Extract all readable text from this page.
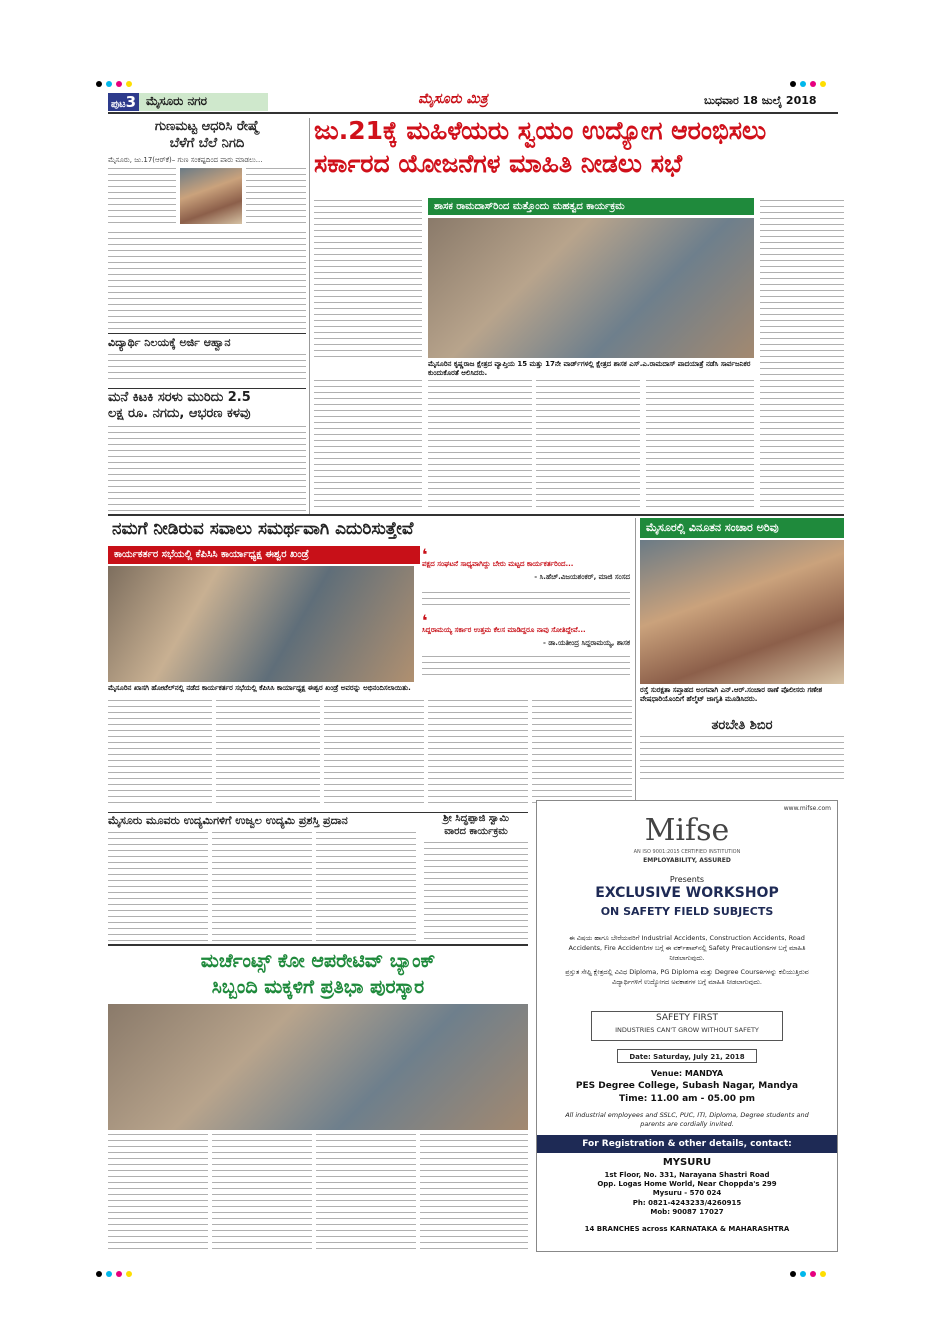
ಪುಟ3 ಮೈಸೂರು ನಗರ	ಮೈಸೂರು ಮಿತ್ರ	ಬುಧವಾರ 18 ಜುಲೈ 2018
ಗುಣಮಟ್ಟ ಆಧರಿಸಿ ರೇಷ್ಮೆ
ಬೆಳೆಗೆ ಬೆಲೆ ನಿಗದಿ
ಮೈಸೂರು, ಜು.17(ಆರ್‌ಕೆ)– ಗುಣ ಸಂಕಷ್ಟದಿಂದ ಪಾರು ಮಾಡಲು...
ವಿದ್ಯಾರ್ಥಿ ನಿಲಯಕ್ಕೆ ಅರ್ಜಿ ಆಹ್ವಾನ
ಮನೆ ಕಿಟಕಿ ಸರಳು ಮುರಿದು 2.5
ಲಕ್ಷ ರೂ. ನಗದು, ಆಭರಣ ಕಳವು
ಜು.21ಕ್ಕೆ ಮಹಿಳೆಯರು ಸ್ವಯಂ ಉದ್ಯೋಗ ಆರಂಭಿಸಲು
ಸರ್ಕಾರದ ಯೋಜನೆಗಳ ಮಾಹಿತಿ ನೀಡಲು ಸಭೆ
ಶಾಸಕ ರಾಮದಾಸ್‌ರಿಂದ ಮತ್ತೊಂದು ಮಹತ್ವದ ಕಾರ್ಯಕ್ರಮ
ಮೈಸೂರಿನ ಕೃಷ್ಣರಾಜ ಕ್ಷೇತ್ರದ ವ್ಯಾಪ್ತಿಯ 15 ಮತ್ತು 17ನೇ ವಾರ್ಡ್‌ಗಳಲ್ಲಿ ಕ್ಷೇತ್ರದ ಶಾಸಕ ಎಸ್.ಎ.ರಾಮದಾಸ್ ಪಾದಯಾತ್ರೆ ನಡೆಸಿ ಸಾರ್ವಜನಿಕರ ಕುಂದುಕೊರತೆ ಆಲಿಸಿದರು.
ನಮಗೆ ನೀಡಿರುವ ಸವಾಲು ಸಮರ್ಥವಾಗಿ ಎದುರಿಸುತ್ತೇವೆ
ಕಾರ್ಯಕರ್ತರ ಸಭೆಯಲ್ಲಿ ಕೆಪಿಸಿಸಿ ಕಾರ್ಯಾಧ್ಯಕ್ಷ ಈಶ್ವರ ಖಂಡ್ರೆ
ಮೈಸೂರಿನ ಖಾಸಗಿ ಹೋಟೆಲ್‌ನಲ್ಲಿ ನಡೆದ ಕಾರ್ಯಕರ್ತರ ಸಭೆಯಲ್ಲಿ ಕೆಪಿಸಿಸಿ ಕಾರ್ಯಾಧ್ಯಕ್ಷ ಈಶ್ವರ ಖಂಡ್ರೆ ಅವರನ್ನು ಅಭಿನಂದಿಸಲಾಯಿತು.
❛
ಪಕ್ಷದ ಸಂಘಟನೆ ಸಾಧ್ಯವಾಗಿದ್ದು ಬೇರು ಮಟ್ಟದ ಕಾರ್ಯಕರ್ತರಿಂದ...
- ಸಿ.ಹೆಚ್.ವಿಜಯಶಂಕರ್, ಮಾಜಿ ಸಂಸದ
❛
ಸಿದ್ದರಾಮಯ್ಯ ಸರ್ಕಾರ ಉತ್ತಮ ಕೆಲಸ ಮಾಡಿದ್ದರೂ ನಾವು ಸೋತಿದ್ದೇವೆ...
- ಡಾ.ಯತೀಂದ್ರ ಸಿದ್ದರಾಮಯ್ಯ, ಶಾಸಕ
ಮೈಸೂರಲ್ಲಿ ವಿನೂತನ ಸಂಚಾರ ಅರಿವು
ರಸ್ತೆ ಸುರಕ್ಷತಾ ಸಪ್ತಾಹದ ಅಂಗವಾಗಿ ಎನ್.ಆರ್.ಸಂಚಾರ ಠಾಣೆ ಪೊಲೀಸರು ಗಣೇಶ ವೇಷಧಾರಿಯೊಂದಿಗೆ ಹೆಲ್ಮೆಟ್ ಜಾಗೃತಿ ಮೂಡಿಸಿದರು.
ತರಬೇತಿ ಶಿಬಿರ
ಮೈಸೂರು ಮೂವರು ಉದ್ಯಮಿಗಳಿಗೆ ಉಜ್ವಲ ಉದ್ಯಮಿ ಪ್ರಶಸ್ತಿ ಪ್ರದಾನ	ಶ್ರೀ ಸಿದ್ಧಪ್ಪಾಜಿ ಸ್ವಾಮಿ
ವಾರದ ಕಾರ್ಯಕ್ರಮ
ಮರ್ಚೆಂಟ್ಸ್ ಕೋ ಆಪರೇಟಿವ್ ಬ್ಯಾಂಕ್
ಸಿಬ್ಬಂದಿ ಮಕ್ಕಳಿಗೆ ಪ್ರತಿಭಾ ಪುರಸ್ಕಾರ
www.mifse.com
Mifse
AN ISO 9001:2015 CERTIFIED INSTITUTION
EMPLOYABILITY, ASSURED
Presents
EXCLUSIVE WORKSHOP
ON SAFETY FIELD SUBJECTS
ಈ ವಿಷಯ ಹಾಗೂ ಬೇರೆಯವರಿಗೆ Industrial Accidents, Construction Accidents, Road Accidents, Fire Accidentಗಳ ಬಗ್ಗೆ ಈ ವರ್ಕ್‌ಶಾಪ್‌ನಲ್ಲಿ Safety Precautionsಗಳ ಬಗ್ಗೆ ಮಾಹಿತಿ ನೀಡಲಾಗುವುದು.
ಪ್ರಸ್ತುತ ಸೇಫ್ಟಿ ಕ್ಷೇತ್ರದಲ್ಲಿ ವಿವಿಧ Diploma, PG Diploma ಮತ್ತು Degree Courseಗಳನ್ನು ಕಲಿಯುತ್ತಿರುವ ವಿದ್ಯಾರ್ಥಿಗಳಿಗೆ ಉದ್ಯೋಗದ ಅವಕಾಶಗಳ ಬಗ್ಗೆ ಮಾಹಿತಿ ನೀಡಲಾಗುವುದು.
SAFETY FIRST
INDUSTRIES CAN'T GROW WITHOUT SAFETY
Date: Saturday, July 21, 2018
Venue: MANDYA
PES Degree College, Subash Nagar, Mandya
Time: 11.00 am - 05.00 pm
All industrial employees and SSLC, PUC, ITI, Diploma, Degree students and parents are cordially invited.
For Registration & other details, contact:
MYSURU
1st Floor, No. 331, Narayana Shastri Road
Opp. Logas Home World, Near Choppda's 299
Mysuru - 570 024
Ph: 0821-4243233/4260915
Mob: 90087 17027
14 BRANCHES across KARNATAKA & MAHARASHTRA
